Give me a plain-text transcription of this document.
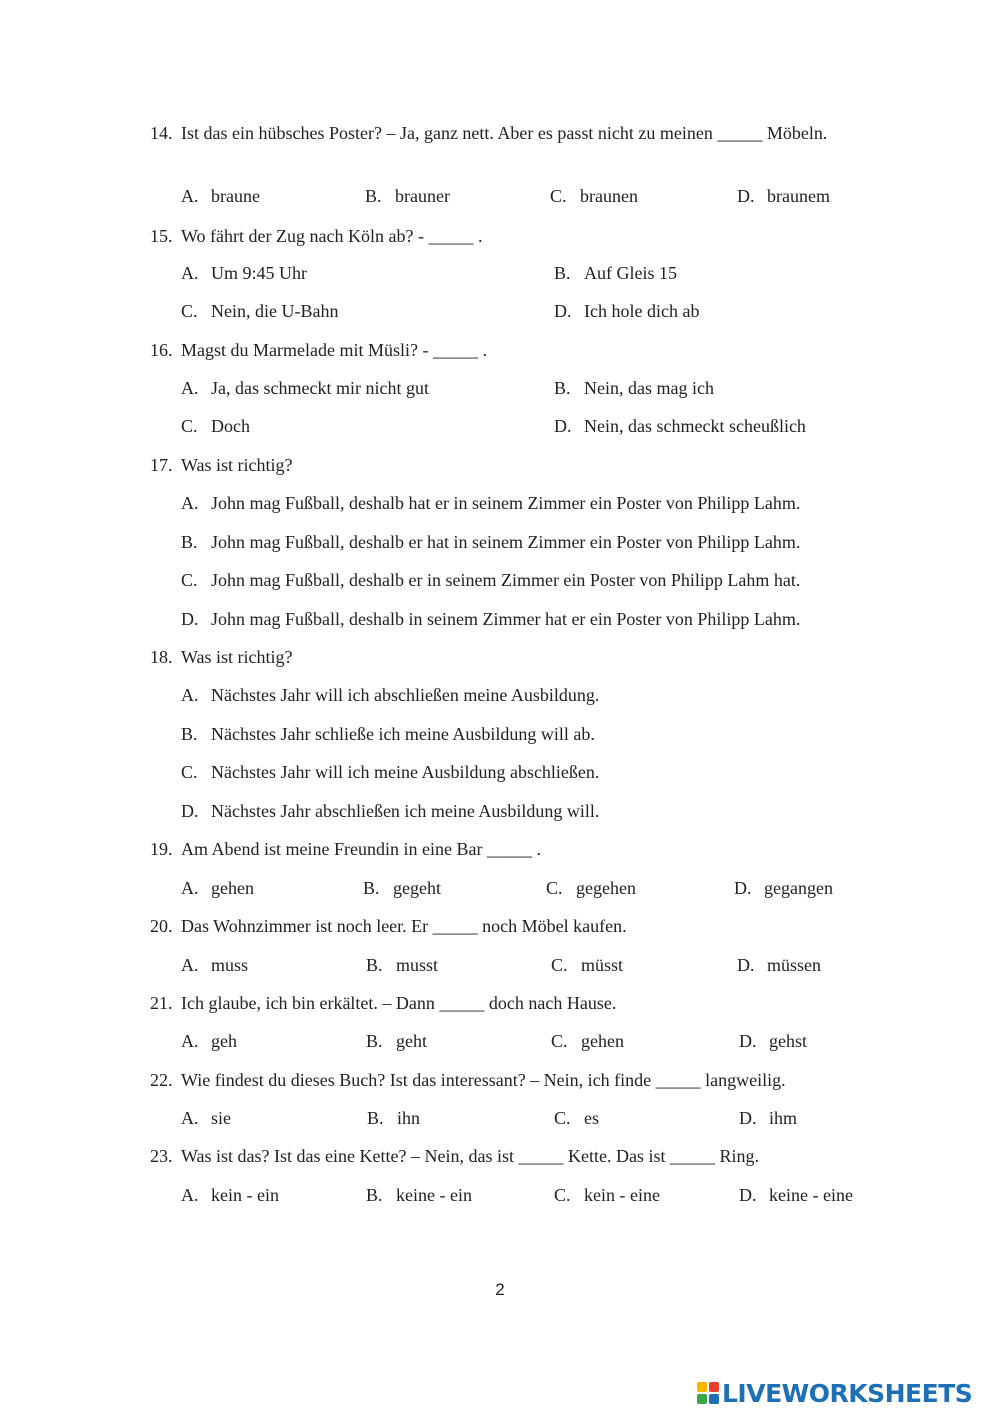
14. Ist das ein hübsches Poster? – Ja, ganz nett. Aber es passt nicht zu meinen _____ Möbeln.
A. braune	B. brauner	C. braunen	D. braunem
15. Wo fährt der Zug nach Köln ab? - _____ .
A. Um 9:45 Uhr	B. Auf Gleis 15
C. Nein, die U-Bahn	D. Ich hole dich ab
16. Magst du Marmelade mit Müsli? - _____ .
A. Ja, das schmeckt mir nicht gut	B. Nein, das mag ich
C. Doch	D. Nein, das schmeckt scheußlich
17. Was ist richtig?
A. John mag Fußball, deshalb hat er in seinem Zimmer ein Poster von Philipp Lahm.
B. John mag Fußball, deshalb er hat in seinem Zimmer ein Poster von Philipp Lahm.
C. John mag Fußball, deshalb er in seinem Zimmer ein Poster von Philipp Lahm hat.
D. John mag Fußball, deshalb in seinem Zimmer hat er ein Poster von Philipp Lahm.
18. Was ist richtig?
A. Nächstes Jahr will ich abschließen meine Ausbildung.
B. Nächstes Jahr schließe ich meine Ausbildung will ab.
C. Nächstes Jahr will ich meine Ausbildung abschließen.
D. Nächstes Jahr abschließen ich meine Ausbildung will.
19. Am Abend ist meine Freundin in eine Bar _____ .
A. gehen	B. gegeht	C. gegehen	D. gegangen
20. Das Wohnzimmer ist noch leer. Er _____ noch Möbel kaufen.
A. muss	B. musst	C. müsst	D. müssen
21. Ich glaube, ich bin erkältet. – Dann _____ doch nach Hause.
A. geh	B. geht	C. gehen	D. gehst
22. Wie findest du dieses Buch? Ist das interessant? – Nein, ich finde _____ langweilig.
A. sie	B. ihn	C. es	D. ihm
23. Was ist das? Ist das eine Kette? – Nein, das ist _____ Kette. Das ist _____ Ring.
A. kein - ein	B. keine - ein	C. kein - eine	D. keine - eine
2
LIVEWORKSHEETS
